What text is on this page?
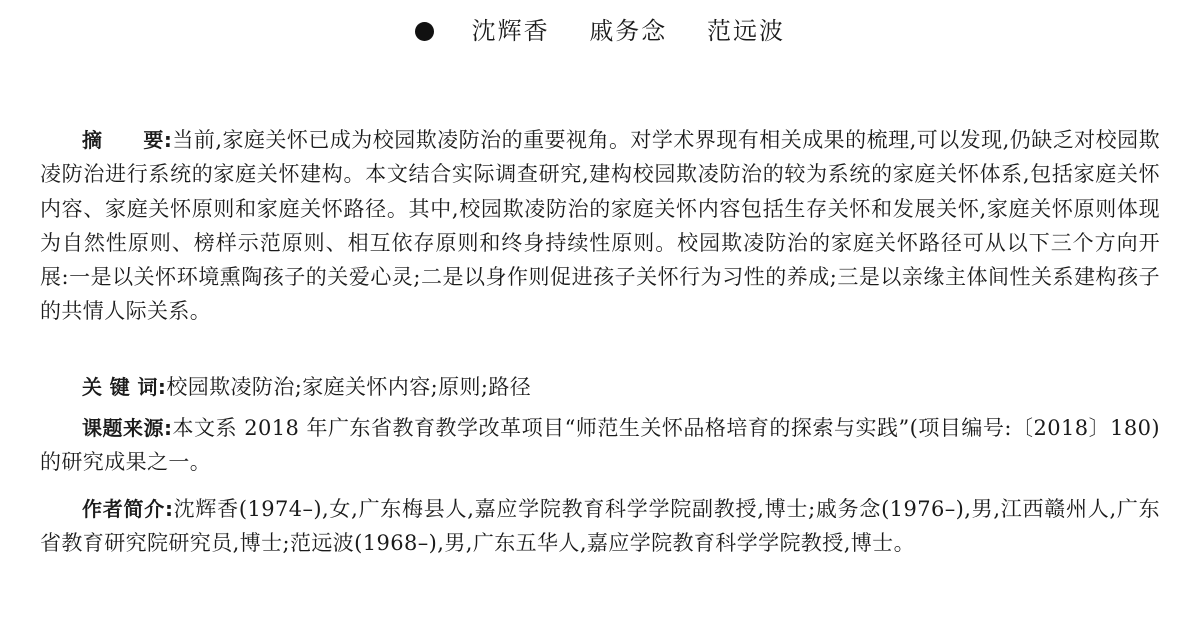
沈辉香 戚务念 范远波
摘　　要:当前,家庭关怀已成为校园欺凌防治的重要视角。对学术界现有相关成果的梳理,可以发现,仍缺乏对校园欺凌防治进行系统的家庭关怀建构。本文结合实际调查研究,建构校园欺凌防治的较为系统的家庭关怀体系,包括家庭关怀内容、家庭关怀原则和家庭关怀路径。其中,校园欺凌防治的家庭关怀内容包括生存关怀和发展关怀,家庭关怀原则体现为自然性原则、榜样示范原则、相互依存原则和终身持续性原则。校园欺凌防治的家庭关怀路径可从以下三个方向开展:一是以关怀环境熏陶孩子的关爱心灵;二是以身作则促进孩子关怀行为习性的养成;三是以亲缘主体间性关系建构孩子的共情人际关系。
关 键 词:校园欺凌防治;家庭关怀内容;原则;路径
课题来源:本文系 2018 年广东省教育教学改革项目“师范生关怀品格培育的探索与实践”(项目编号:〔2018〕180)的研究成果之一。
作者简介:沈辉香(1974–),女,广东梅县人,嘉应学院教育科学学院副教授,博士;戚务念(1976–),男,江西赣州人,广东省教育研究院研究员,博士;范远波(1968–),男,广东五华人,嘉应学院教育科学学院教授,博士。
